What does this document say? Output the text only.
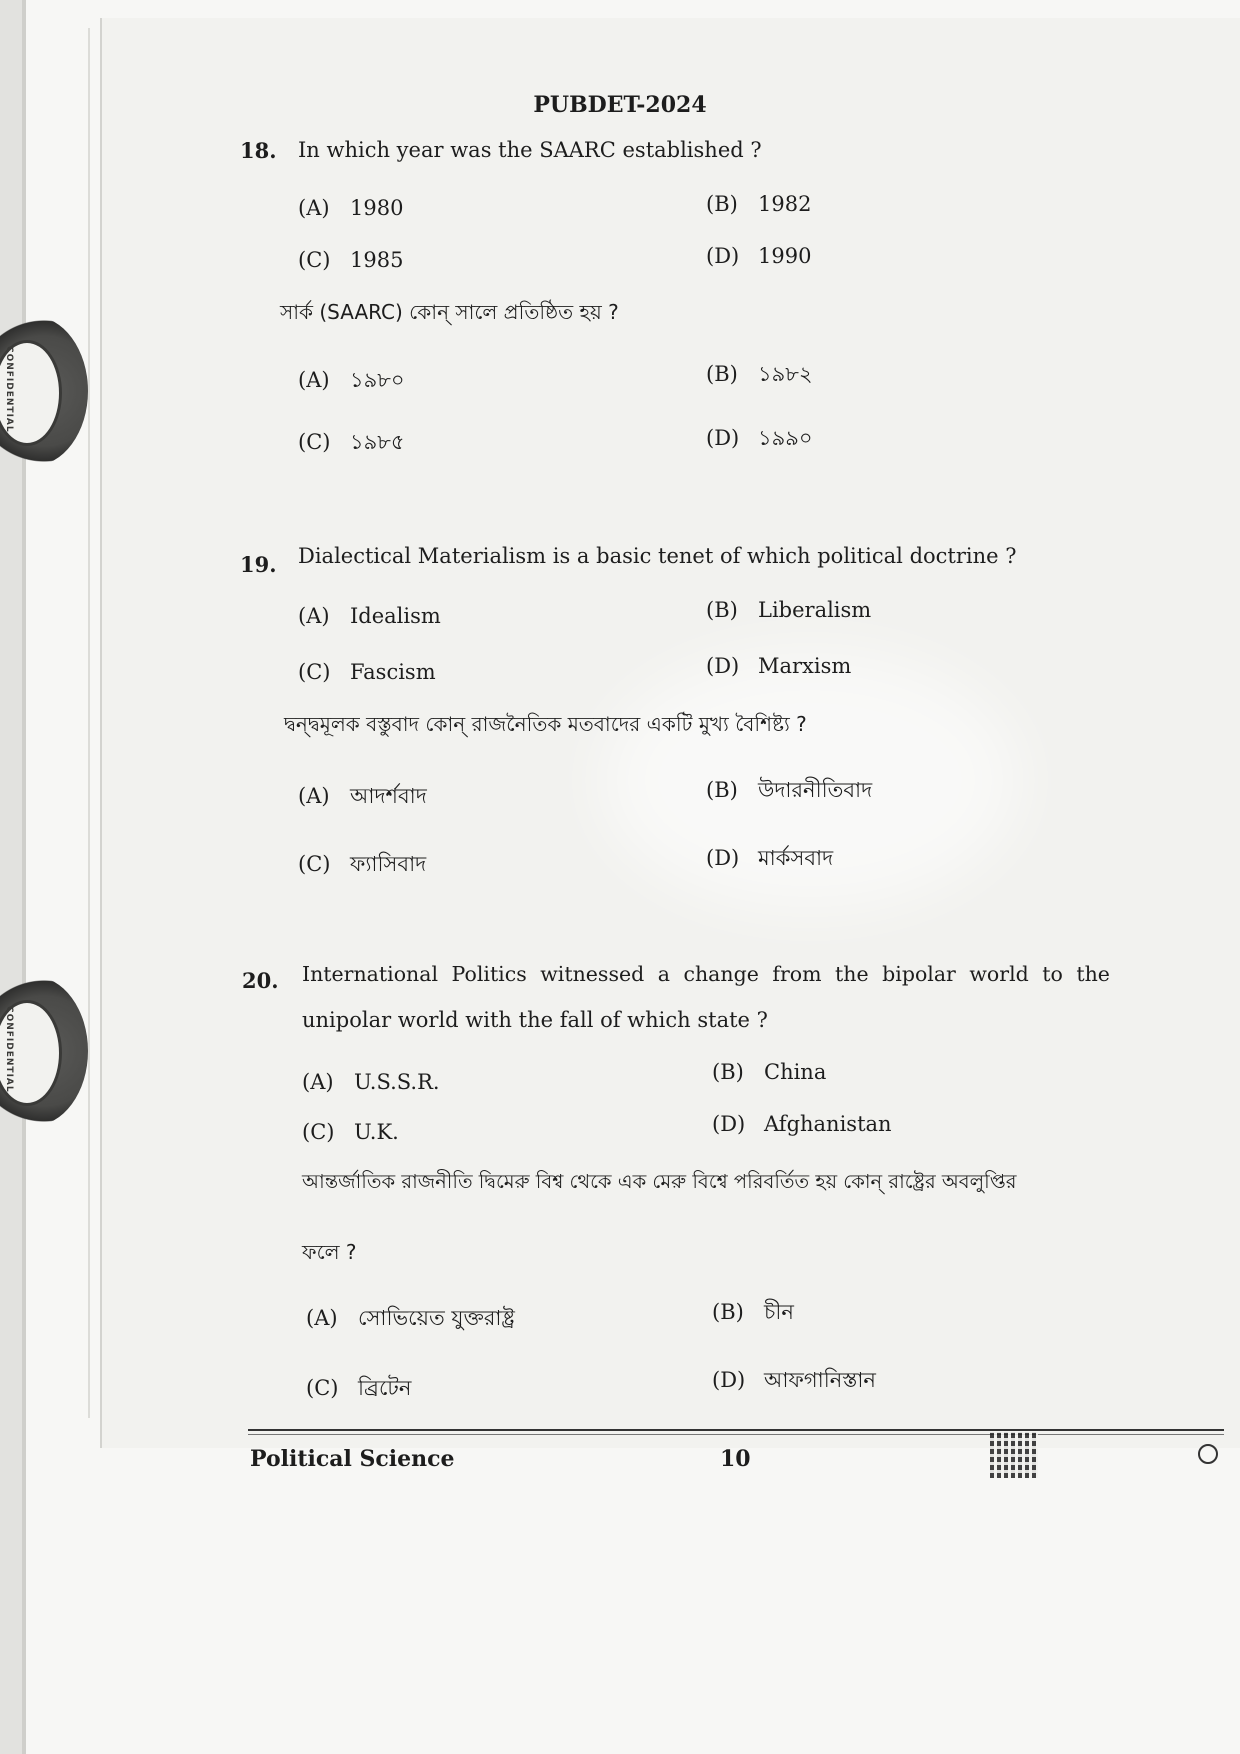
CONFIDENTIAL
CONFIDENTIAL
PUBDET-2024
18. In which year was the SAARC established ?
(A) 1980	(B) 1982
(C) 1985	(D) 1990
সার্ক (SAARC) কোন্ সালে প্রতিষ্ঠিত হয় ?
(A) ১৯৮০	(B) ১৯৮২
(C) ১৯৮৫	(D) ১৯৯০
19. Dialectical Materialism is a basic tenet of which political doctrine ?
(A) Idealism	(B) Liberalism
(C) Fascism	(D) Marxism
দ্বন্দ্বমূলক বস্তুবাদ কোন্ রাজনৈতিক মতবাদের একটি মুখ্য বৈশিষ্ট্য ?
(A) আদর্শবাদ	(B) উদারনীতিবাদ
(C) ফ্যাসিবাদ	(D) মার্কসবাদ
20. International Politics witnessed a change from the bipolar world to the
unipolar world with the fall of which state ?
(A) U.S.S.R.	(B) China
(C) U.K.	(D) Afghanistan
আন্তর্জাতিক রাজনীতি দ্বিমেরু বিশ্ব থেকে এক মেরু বিশ্বে পরিবর্তিত হয় কোন্ রাষ্ট্রের অবলুপ্তির
ফলে ?
(A) সোভিয়েত যুক্তরাষ্ট্র	(B) চীন
(C) ব্রিটেন	(D) আফগানিস্তান
Political Science	10
